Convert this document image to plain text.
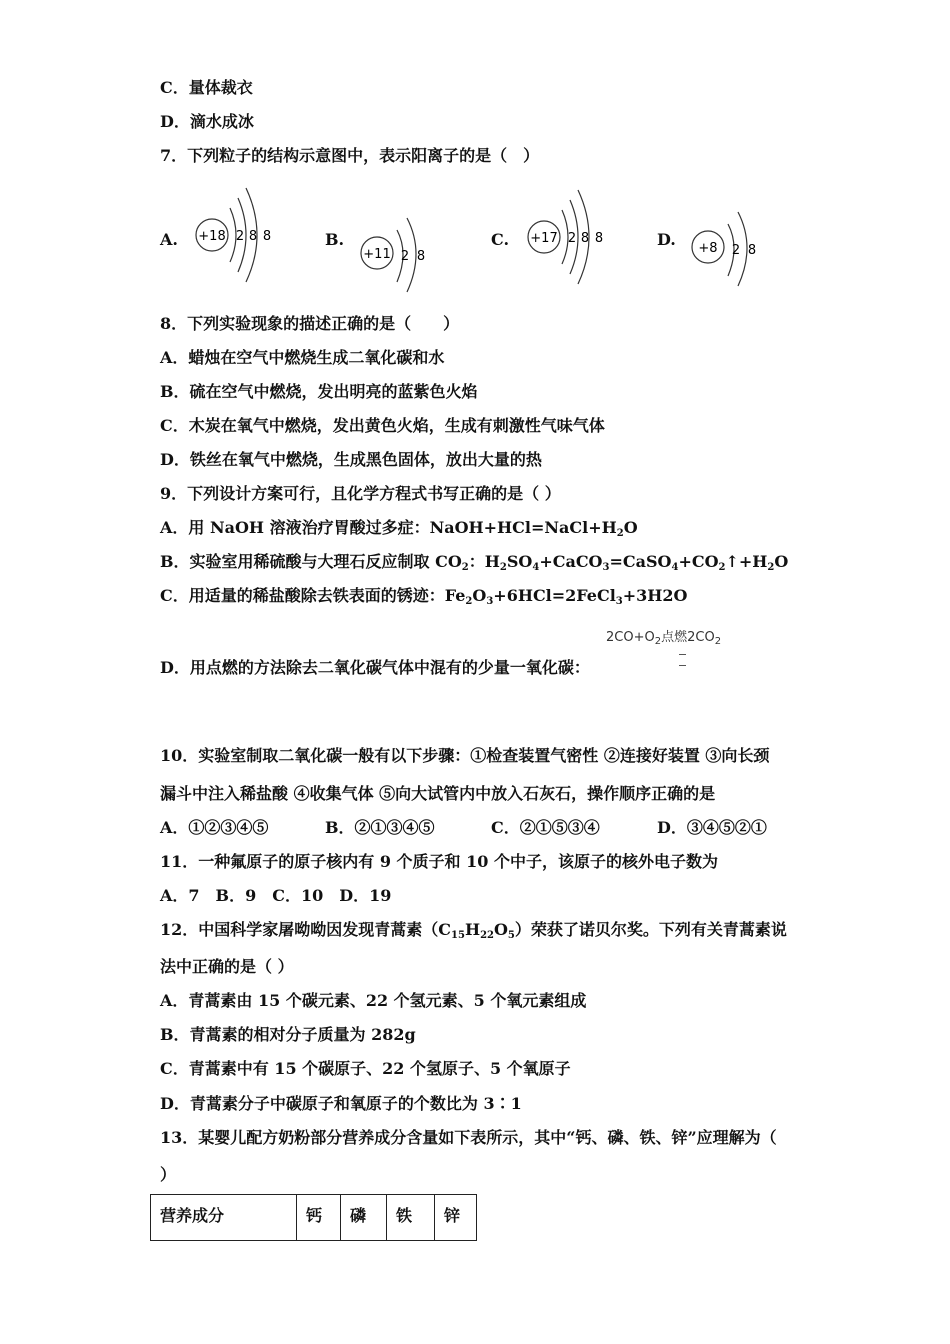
C．量体裁衣
D．滴水成冰
7．下列粒子的结构示意图中，表示阳离子的是（　）
A. +18 2 8 8	B.
+11 2 8
C. +17 2 8 8	D. +8 2 8
8．下列实验现象的描述正确的是（　　）
A．蜡烛在空气中燃烧生成二氧化碳和水
B．硫在空气中燃烧，发出明亮的蓝紫色火焰
C．木炭在氧气中燃烧，发出黄色火焰，生成有刺激性气味气体
D．铁丝在氧气中燃烧，生成黑色固体，放出大量的热
9．下列设计方案可行，且化学方程式书写正确的是（ ）
A．用 NaOH 溶液治疗胃酸过多症：$NaOH+HCl=NaCl+H_2O$
B．实验室用稀硫酸与大理石反应制取 $CO_2$：$H_2SO_4+CaCO_3=CaSO_4+CO_2↑+H_2O$
C．用适量的稀盐酸除去铁表面的锈迹：$Fe_2O_3+6HCl=2FeCl_3+3H2O$
$2CO+O_2$点燃$2CO_2$
D．用点燃的方法除去二氧化碳气体中混有的少量一氧化碳：
10．实验室制取二氧化碳一般有以下步骤：①检查装置气密性 ②连接好装置 ③向长颈
漏斗中注入稀盐酸 ④收集气体 ⑤向大试管内中放入石灰石，操作顺序正确的是
A．①②③④⑤	B．②①③④⑤	C．②①⑤③④	D．③④⑤②①
11．一种氟原子的原子核内有 9 个质子和 10 个中子，该原子的核外电子数为
A．7　B．9　C．10　D．19
12．中国科学家屠呦呦因发现青蒿素$(C_{15}H_{22}O_5)$荣获了诺贝尔奖。下列有关青蒿素说
法中正确的是（ ）
A．青蒿素由 15 个碳元素、22 个氢元素、5 个氧元素组成
B．青蒿素的相对分子质量为 282g
C．青蒿素中有 15 个碳原子、22 个氢原子、5 个氧原子
D．青蒿素分子中碳原子和氧原子的个数比为 3∶1
13．某婴儿配方奶粉部分营养成分含量如下表所示，其中“钙、磷、铁、锌”应理解为（
）
营养成分	钙	磷	铁	锌
